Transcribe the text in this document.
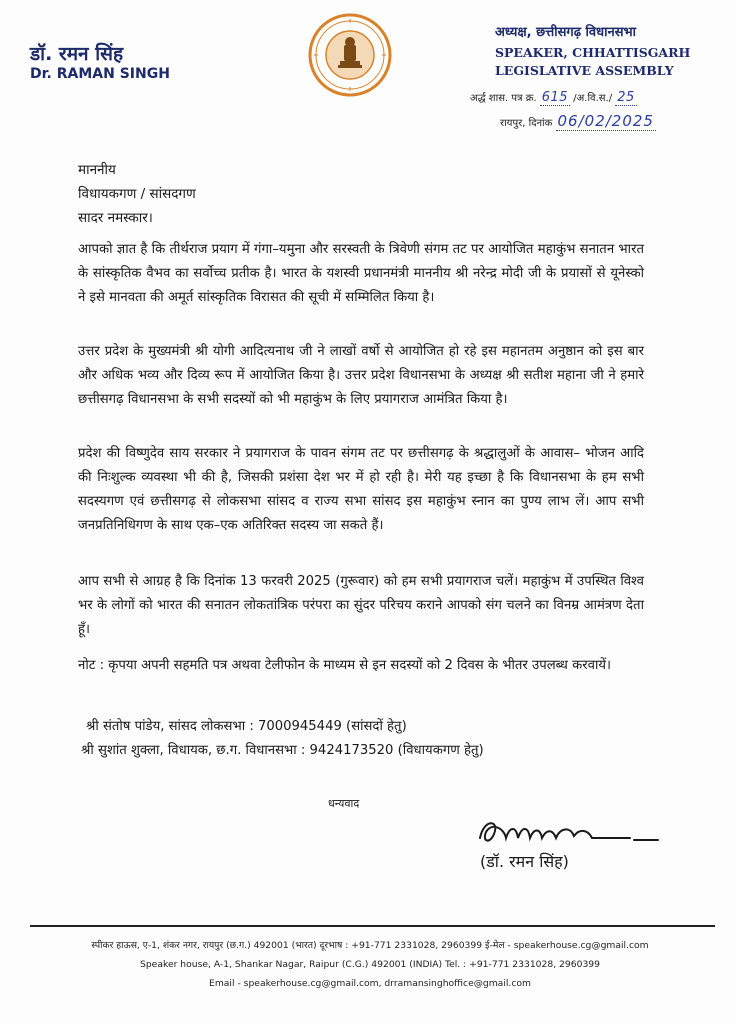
डॉ. रमन सिंह
Dr. RAMAN SINGH
अध्यक्ष, छत्तीसगढ़ विधानसभा
SPEAKER, CHHATTISGARH
LEGISLATIVE ASSEMBLY
अर्द्ध शास. पत्र क्र. 615 /अ.वि.स./ 25
रायपुर, दिनांक 06/02/2025
माननीय
विधायकगण / सांसदगण
सादर नमस्कार।
आपको ज्ञात है कि तीर्थराज प्रयाग में गंगा–यमुना और सरस्वती के त्रिवेणी संगम तट पर आयोजित महाकुंभ सनातन भारत के सांस्कृतिक वैभव का सर्वोच्च प्रतीक है। भारत के यशस्वी प्रधानमंत्री माननीय श्री नरेन्द्र मोदी जी के प्रयासों से यूनेस्को ने इसे मानवता की अमूर्त सांस्कृतिक विरासत की सूची में सम्मिलित किया है।
उत्तर प्रदेश के मुख्यमंत्री श्री योगी आदित्यनाथ जी ने लाखों वर्षो से आयोजित हो रहे इस महानतम अनुष्ठान को इस बार और अधिक भव्य और दिव्य रूप में आयोजित किया है। उत्तर प्रदेश विधानसभा के अध्यक्ष श्री सतीश महाना जी ने हमारे छत्तीसगढ़ विधानसभा के सभी सदस्यों को भी महाकुंभ के लिए प्रयागराज आमंत्रित किया है।
प्रदेश की विष्णुदेव साय सरकार ने प्रयागराज के पावन संगम तट पर छत्तीसगढ़ के श्रद्धालुओं के आवास– भोजन आदि की निःशुल्क व्यवस्था भी की है, जिसकी प्रशंसा देश भर में हो रही है। मेरी यह इच्छा है कि विधानसभा के हम सभी सदस्यगण एवं छत्तीसगढ़ से लोकसभा सांसद व राज्य सभा सांसद इस महाकुंभ स्नान का पुण्य लाभ लें। आप सभी जनप्रतिनिधिगण के साथ एक–एक अतिरिक्त सदस्य जा सकते हैं।
आप सभी से आग्रह है कि दिनांक 13 फरवरी 2025 (गुरूवार) को हम सभी प्रयागराज चलें। महाकुंभ में उपस्थित विश्व भर के लोगों को भारत की सनातन लोकतांत्रिक परंपरा का सुंदर परिचय कराने आपको संग चलने का विनम्र आमंत्रण देता हूँ।
नोट : कृपया अपनी सहमति पत्र अथवा टेलीफोन के माध्यम से इन सदस्यों को 2 दिवस के भीतर उपलब्ध करवायें।
श्री संतोष पांडेय, सांसद लोकसभा : 7000945449 (सांसदों हेतु)
श्री सुशांत शुक्ला, विधायक, छ.ग. विधानसभा : 9424173520 (विधायकगण हेतु)
धन्यवाद
(डॉ. रमन सिंह)
स्पीकर हाऊस, ए-1, शंकर नगर, रायपुर (छ.ग.) 492001 (भारत) दूरभाष : +91-771 2331028, 2960399 ई-मेल - speakerhouse.cg@gmail.com
Speaker house, A-1, Shankar Nagar, Raipur (C.G.) 492001 (INDIA) Tel. : +91-771 2331028, 2960399
Email - speakerhouse.cg@gmail.com, drramansinghoffice@gmail.com
